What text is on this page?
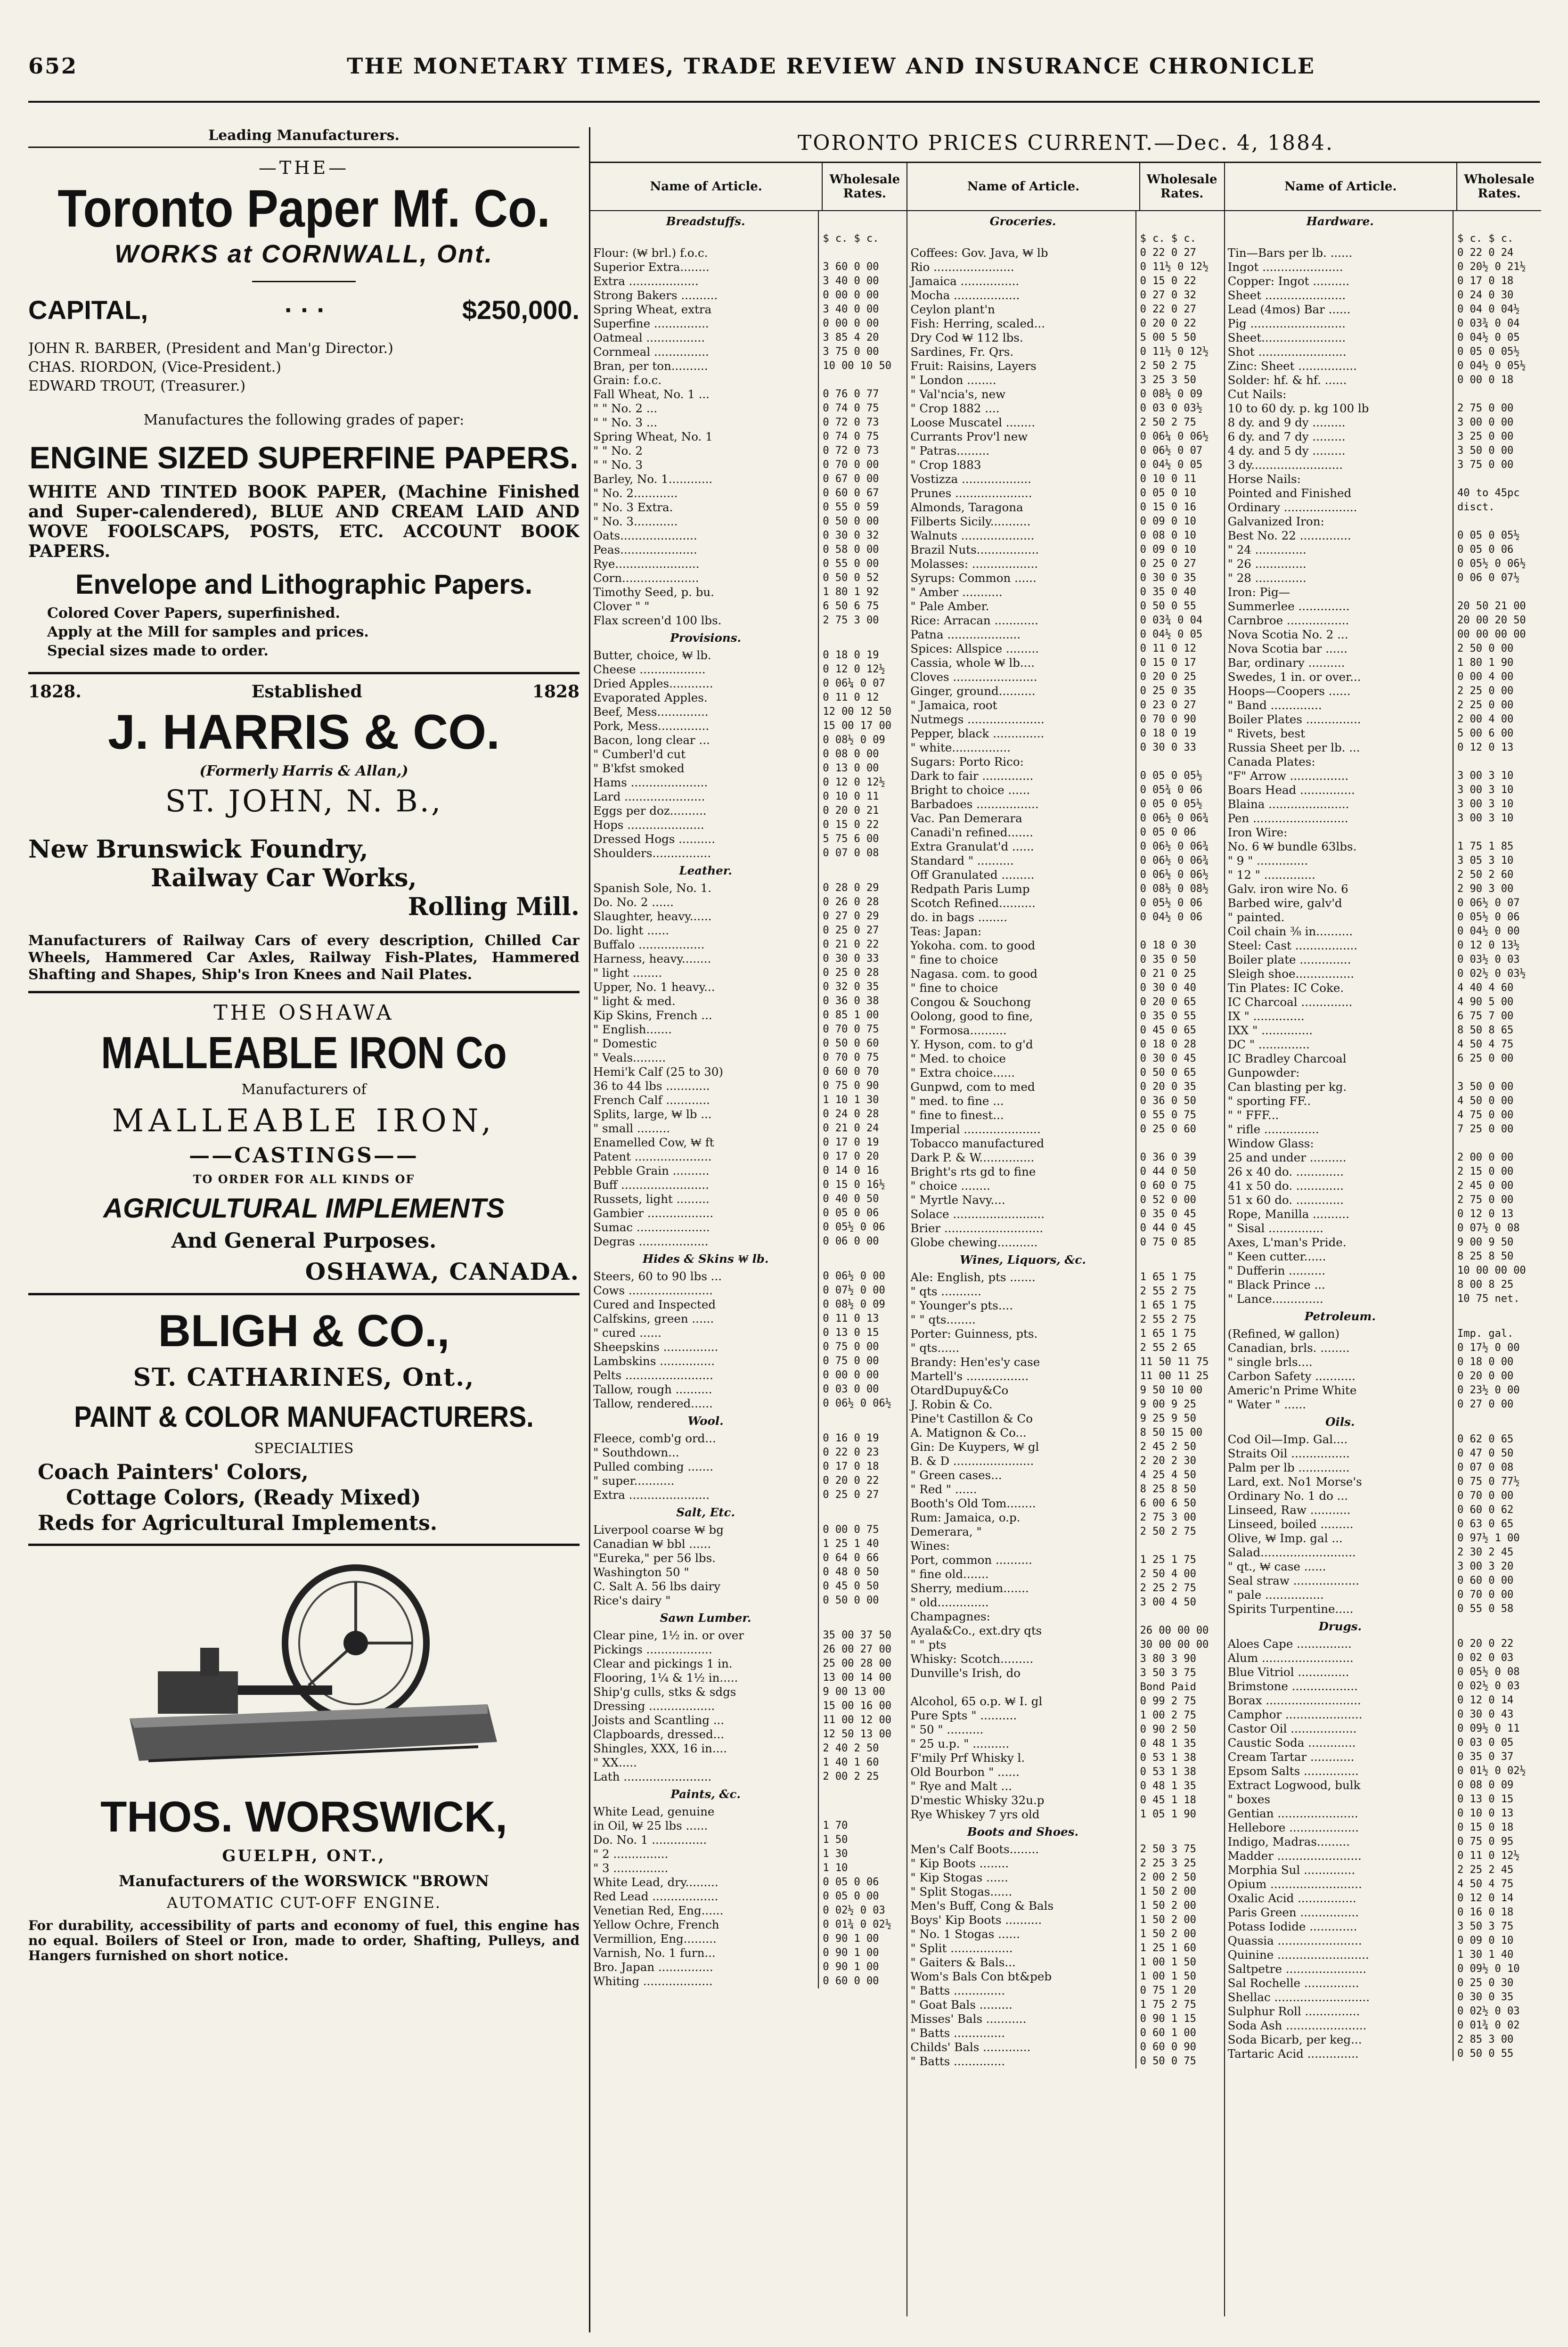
652	THE MONETARY TIMES, TRADE REVIEW AND INSURANCE CHRONICLE
Leading Manufacturers.
—THE—
Toronto Paper Mf. Co.
WORKS at CORNWALL, Ont.
CAPITAL,	· · ·	$250,000.
JOHN R. BARBER, (President and Man'g Director.)
CHAS. RIORDON, (Vice-President.)
EDWARD TROUT, (Treasurer.)
Manufactures the following grades of paper:
ENGINE SIZED SUPERFINE PAPERS.
WHITE AND TINTED BOOK PAPER, (Machine Finished and Super-calendered), BLUE AND CREAM LAID AND WOVE FOOLSCAPS, POSTS, ETC. ACCOUNT BOOK PAPERS.
Envelope and Lithographic Papers.
Colored Cover Papers, superfinished.
Apply at the Mill for samples and prices.
Special sizes made to order.
1828.	Established	1828
J. HARRIS & CO.
(Formerly Harris & Allan,)
ST. JOHN, N. B.,
New Brunswick Foundry,
Railway Car Works,
Rolling Mill.
Manufacturers of Railway Cars of every description, Chilled Car Wheels, Hammered Car Axles, Railway Fish-Plates, Hammered Shafting and Shapes, Ship's Iron Knees and Nail Plates.
THE OSHAWA
MALLEABLE IRON Co
Manufacturers of
MALLEABLE IRON,
——CASTINGS——
TO ORDER FOR ALL KINDS OF
AGRICULTURAL IMPLEMENTS
And General Purposes.
OSHAWA, CANADA.
BLIGH & CO.,
ST. CATHARINES, Ont.,
PAINT & COLOR MANUFACTURERS.
SPECIALTIES
Coach Painters' Colors,
Cottage Colors, (Ready Mixed)
Reds for Agricultural Implements.
THOS. WORSWICK,
GUELPH, ONT.,
Manufacturers of the WORSWICK "BROWN
AUTOMATIC CUT-OFF ENGINE.
For durability, accessibility of parts and economy of fuel, this engine has no equal. Boilers of Steel or Iron, made to order, Shafting, Pulleys, and Hangers furnished on short notice.
TORONTO PRICES CURRENT.—Dec. 4, 1884.
Name of Article.	Wholesale Rates.
Breadstuffs.
$ c. $ c.
Flour: (₩ brl.) f.o.c.
Superior Extra........	3 60 0 00
Extra ...................	3 40 0 00
Strong Bakers ..........	0 00 0 00
Spring Wheat, extra	3 40 0 00
Superfine ...............	0 00 0 00
Oatmeal ................	3 85 4 20
Cornmeal ...............	3 75 0 00
Bran, per ton..........	10 00 10 50
Grain: f.o.c.
Fall Wheat, No. 1 ...	0 76 0 77
" " No. 2 ...	0 74 0 75
" " No. 3 ...	0 72 0 73
Spring Wheat, No. 1	0 74 0 75
" " No. 2	0 72 0 73
" " No. 3	0 70 0 00
Barley, No. 1............	0 67 0 00
" No. 2............	0 60 0 67
" No. 3 Extra.	0 55 0 59
" No. 3............	0 50 0 00
Oats.....................	0 30 0 32
Peas.....................	0 58 0 00
Rye.......................	0 55 0 00
Corn.....................	0 50 0 52
Timothy Seed, p. bu.	1 80 1 92
Clover " "	6 50 6 75
Flax screen'd 100 lbs.	2 75 3 00
Provisions.
Butter, choice, ₩ lb.	0 18 0 19
Cheese ..................	0 12 0 12½
Dried Apples............	0 06¼ 0 07
Evaporated Apples.	0 11 0 12
Beef, Mess..............	12 00 12 50
Pork, Mess..............	15 00 17 00
Bacon, long clear ...	0 08½ 0 09
" Cumberl'd cut	0 08 0 00
" B'kfst smoked	0 13 0 00
Hams .....................	0 12 0 12½
Lard ......................	0 10 0 11
Eggs per doz..........	0 20 0 21
Hops .....................	0 15 0 22
Dressed Hogs ..........	5 75 6 00
Shoulders................	0 07 0 08
Leather.
Spanish Sole, No. 1.	0 28 0 29
Do. No. 2 ......	0 26 0 28
Slaughter, heavy......	0 27 0 29
Do. light ......	0 25 0 27
Buffalo ..................	0 21 0 22
Harness, heavy........	0 30 0 33
" light ........	0 25 0 28
Upper, No. 1 heavy...	0 32 0 35
" light & med.	0 36 0 38
Kip Skins, French ...	0 85 1 00
" English.......	0 70 0 75
" Domestic	0 50 0 60
" Veals.........	0 70 0 75
Hemi'k Calf (25 to 30)	0 60 0 70
36 to 44 lbs ............	0 75 0 90
French Calf ............	1 10 1 30
Splits, large, ₩ lb ...	0 24 0 28
" small .........	0 21 0 24
Enamelled Cow, ₩ ft	0 17 0 19
Patent .....................	0 17 0 20
Pebble Grain ..........	0 14 0 16
Buff ........................	0 15 0 16½
Russets, light .........	0 40 0 50
Gambier ..................	0 05 0 06
Sumac ....................	0 05½ 0 06
Degras ...................	0 06 0 00
Hides & Skins ₩ lb.
Steers, 60 to 90 lbs ...	0 06½ 0 00
Cows .......................	0 07½ 0 00
Cured and Inspected	0 08½ 0 09
Calfskins, green ......	0 11 0 13
" cured ......	0 13 0 15
Sheepskins ...............	0 75 0 00
Lambskins ...............	0 75 0 00
Pelts ........................	0 00 0 00
Tallow, rough ..........	0 03 0 00
Tallow, rendered......	0 06½ 0 06½
Wool.
Fleece, comb'g ord...	0 16 0 19
" Southdown...	0 22 0 23
Pulled combing .......	0 17 0 18
" super...........	0 20 0 22
Extra ......................	0 25 0 27
Salt, Etc.
Liverpool coarse ₩ bg	0 00 0 75
Canadian ₩ bbl ......	1 25 1 40
"Eureka," per 56 lbs.	0 64 0 66
Washington 50 "	0 48 0 50
C. Salt A. 56 lbs dairy	0 45 0 50
Rice's dairy "	0 50 0 00
Sawn Lumber.
Clear pine, 1½ in. or over	35 00 37 50
Pickings ..................	26 00 27 00
Clear and pickings 1 in.	25 00 28 00
Flooring, 1¼ & 1½ in.....	13 00 14 00
Ship'g culls, stks & sdgs	9 00 13 00
Dressing ..................	15 00 16 00
Joists and Scantling ...	11 00 12 00
Clapboards, dressed...	12 50 13 00
Shingles, XXX, 16 in....	2 40 2 50
" XX.....	1 40 1 60
Lath ........................	2 00 2 25
Paints, &c.
White Lead, genuine
in Oil, ₩ 25 lbs ......	1 70
Do. No. 1 ...............	1 50
" 2 ...............	1 30
" 3 ...............	1 10
White Lead, dry.........	0 05 0 06
Red Lead ..................	0 05 0 00
Venetian Red, Eng......	0 02½ 0 03
Yellow Ochre, French	0 01¾ 0 02½
Vermillion, Eng.........	0 90 1 00
Varnish, No. 1 furn...	0 90 1 00
Bro. Japan ...............	0 90 1 00
Whiting ...................	0 60 0 00
Name of Article.	Wholesale Rates.
Groceries.
$ c. $ c.
Coffees: Gov. Java, ₩ lb	0 22 0 27
Rio ......................	0 11½ 0 12½
Jamaica ................	0 15 0 22
Mocha ..................	0 27 0 32
Ceylon plant'n	0 22 0 27
Fish: Herring, scaled...	0 20 0 22
Dry Cod ₩ 112 lbs.	5 00 5 50
Sardines, Fr. Qrs.	0 11½ 0 12½
Fruit: Raisins, Layers	2 50 2 75
" London ........	3 25 3 50
" Val'ncia's, new	0 08½ 0 09
" Crop 1882 ....	0 03 0 03½
Loose Muscatel ........	2 50 2 75
Currants Prov'l new	0 06¼ 0 06½
" Patras.........	0 06½ 0 07
" Crop 1883	0 04½ 0 05
Vostizza ...................	0 10 0 11
Prunes .....................	0 05 0 10
Almonds, Taragona	0 15 0 16
Filberts Sicily...........	0 09 0 10
Walnuts ....................	0 08 0 10
Brazil Nuts.................	0 09 0 10
Molasses: ..................	0 25 0 27
Syrups: Common ......	0 30 0 35
" Amber ...........	0 35 0 40
" Pale Amber.	0 50 0 55
Rice: Arracan ............	0 03¾ 0 04
Patna ....................	0 04½ 0 05
Spices: Allspice .........	0 11 0 12
Cassia, whole ₩ lb....	0 15 0 17
Cloves .......................	0 20 0 25
Ginger, ground..........	0 25 0 35
" Jamaica, root	0 23 0 27
Nutmegs .....................	0 70 0 90
Pepper, black ..............	0 18 0 19
" white................	0 30 0 33
Sugars: Porto Rico:
Dark to fair ..............	0 05 0 05½
Bright to choice ......	0 05¾ 0 06
Barbadoes .................	0 05 0 05½
Vac. Pan Demerara	0 06½ 0 06¾
Canadi'n refined.......	0 05 0 06
Extra Granulat'd ......	0 06½ 0 06¾
Standard " ..........	0 06½ 0 06¾
Off Granulated .........	0 06½ 0 06½
Redpath Paris Lump	0 08½ 0 08½
Scotch Refined..........	0 05½ 0 06
do. in bags ........	0 04½ 0 06
Teas: Japan:
Yokoha. com. to good	0 18 0 30
" fine to choice	0 35 0 50
Nagasa. com. to good	0 21 0 25
" fine to choice	0 30 0 40
Congou & Souchong	0 20 0 65
Oolong, good to fine,	0 35 0 55
" Formosa..........	0 45 0 65
Y. Hyson, com. to g'd	0 18 0 28
" Med. to choice	0 30 0 45
" Extra choice......	0 50 0 65
Gunpwd, com to med	0 20 0 35
" med. to fine ...	0 36 0 50
" fine to finest...	0 55 0 75
Imperial .....................	0 25 0 60
Tobacco manufactured
Dark P. & W...............	0 36 0 39
Bright's rts gd to fine	0 44 0 50
" choice ........	0 60 0 75
" Myrtle Navy....	0 52 0 00
Solace .........................	0 35 0 45
Brier ...........................	0 44 0 45
Globe chewing...........	0 75 0 85
Wines, Liquors, &c.
Ale: English, pts .......	1 65 1 75
" qts ...........	2 55 2 75
" Younger's pts....	1 65 1 75
" " qts........	2 55 2 75
Porter: Guinness, pts.	1 65 1 75
" qts......	2 55 2 65
Brandy: Hen'es'y case	11 50 11 75
Martell's .................	11 00 11 25
OtardDupuy&Co	9 50 10 00
J. Robin & Co.	9 00 9 25
Pine't Castillon & Co	9 25 9 50
A. Matignon & Co...	8 50 15 00
Gin: De Kuypers, ₩ gl	2 45 2 50
B. & D ......................	2 20 2 30
" Green cases...	4 25 4 50
" Red " ......	8 25 8 50
Booth's Old Tom........	6 00 6 50
Rum: Jamaica, o.p.	2 75 3 00
Demerara, "	2 50 2 75
Wines:
Port, common ..........	1 25 1 75
" fine old.......	2 50 4 00
Sherry, medium.......	2 25 2 75
" old..............	3 00 4 50
Champagnes:
Ayala&Co., ext.dry qts	26 00 00 00
" " pts	30 00 00 00
Whisky: Scotch.........	3 80 3 90
Dunville's Irish, do	3 50 3 75
Bond Paid
Alcohol, 65 o.p. ₩ I. gl	0 99 2 75
Pure Spts " ..........	1 00 2 75
" 50 " ..........	0 90 2 50
" 25 u.p. " ..........	0 48 1 35
F'mily Prf Whisky l.	0 53 1 38
Old Bourbon " ......	0 53 1 38
" Rye and Malt ...	0 48 1 35
D'mestic Whisky 32u.p	0 45 1 18
Rye Whiskey 7 yrs old	1 05 1 90
Boots and Shoes.
Men's Calf Boots........	2 50 3 75
" Kip Boots ........	2 25 3 25
" Kip Stogas ......	2 00 2 50
" Split Stogas......	1 50 2 00
Men's Buff, Cong & Bals	1 50 2 00
Boys' Kip Boots ..........	1 50 2 00
" No. 1 Stogas ......	1 50 2 00
" Split .................	1 25 1 60
" Gaiters & Bals...	1 00 1 50
Wom's Bals Con bt&peb	1 00 1 50
" Batts ..............	0 75 1 20
" Goat Bals .........	1 75 2 75
Misses' Bals ...........	0 90 1 15
" Batts ..............	0 60 1 00
Childs' Bals .............	0 60 0 90
" Batts ..............	0 50 0 75
Name of Article.	Wholesale Rates.
Hardware.
$ c. $ c.
Tin—Bars per lb. ......	0 22 0 24
Ingot ......................	0 20½ 0 21½
Copper: Ingot ..........	0 17 0 18
Sheet ......................	0 24 0 30
Lead (4mos) Bar ......	0 04 0 04½
Pig ..........................	0 03¾ 0 04
Sheet.......................	0 04½ 0 05
Shot ........................	0 05 0 05½
Zinc: Sheet ................	0 04½ 0 05½
Solder: hf. & hf. ......	0 00 0 18
Cut Nails:
10 to 60 dy. p. kg 100 lb	2 75 0 00
8 dy. and 9 dy .........	3 00 0 00
6 dy. and 7 dy .........	3 25 0 00
4 dy. and 5 dy .........	3 50 0 00
3 dy.........................	3 75 0 00
Horse Nails:
Pointed and Finished	40 to 45pc
Ordinary ....................	disct.
Galvanized Iron:
Best No. 22 ..............	0 05 0 05½
" 24 ..............	0 05 0 06
" 26 ..............	0 05½ 0 06½
" 28 ..............	0 06 0 07½
Iron: Pig—
Summerlee ..............	20 50 21 00
Carnbroe .................	20 00 20 50
Nova Scotia No. 2 ...	00 00 00 00
Nova Scotia bar ......	2 50 0 00
Bar, ordinary ..........	1 80 1 90
Swedes, 1 in. or over...	0 00 4 00
Hoops—Coopers ......	2 25 0 00
" Band ..............	2 25 0 00
Boiler Plates ...............	2 00 4 00
" Rivets, best	5 00 6 00
Russia Sheet per lb. ...	0 12 0 13
Canada Plates:
"F" Arrow ................	3 00 3 10
Boars Head ...............	3 00 3 10
Blaina ......................	3 00 3 10
Pen ..........................	3 00 3 10
Iron Wire:
No. 6 ₩ bundle 63lbs.	1 75 1 85
" 9 " ..............	3 05 3 10
" 12 " ..............	2 50 2 60
Galv. iron wire No. 6	2 90 3 00
Barbed wire, galv'd	0 06½ 0 07
" painted.	0 05½ 0 06
Coil chain ⅜ in..........	0 04½ 0 00
Steel: Cast .................	0 12 0 13½
Boiler plate ..............	0 03½ 0 03
Sleigh shoe................	0 02½ 0 03½
Tin Plates: IC Coke.	4 40 4 60
IC Charcoal ..............	4 90 5 00
IX " ..............	6 75 7 00
IXX " ..............	8 50 8 65
DC " ..............	4 50 4 75
IC Bradley Charcoal	6 25 0 00
Gunpowder:
Can blasting per kg.	3 50 0 00
" sporting FF..	4 50 0 00
" " FFF...	4 75 0 00
" rifle ...............	7 25 0 00
Window Glass:
25 and under ..........	2 00 0 00
26 x 40 do. .............	2 15 0 00
41 x 50 do. .............	2 45 0 00
51 x 60 do. .............	2 75 0 00
Rope, Manilla ..........	0 12 0 13
" Sisal ...............	0 07½ 0 08
Axes, L'man's Pride.	9 00 9 50
" Keen cutter......	8 25 8 50
" Dufferin ..........	10 00 00 00
" Black Prince ...	8 00 8 25
" Lance..............	10 75 net.
Petroleum.
(Refined, ₩ gallon)	Imp. gal.
Canadian, brls. ........	0 17½ 0 00
" single brls....	0 18 0 00
Carbon Safety ...........	0 20 0 00
Americ'n Prime White	0 23½ 0 00
" Water " ......	0 27 0 00
Oils.
Cod Oil—Imp. Gal....	0 62 0 65
Straits Oil ................	0 47 0 50
Palm per lb ..............	0 07 0 08
Lard, ext. No1 Morse's	0 75 0 77½
Ordinary No. 1 do ...	0 70 0 00
Linseed, Raw ...........	0 60 0 62
Linseed, boiled .........	0 63 0 65
Olive, ₩ Imp. gal ...	0 97½ 1 00
Salad..........................	2 30 2 45
" qt., ₩ case ......	3 00 3 20
Seal straw ..................	0 60 0 00
" pale ................	0 70 0 00
Spirits Turpentine.....	0 55 0 58
Drugs.
Aloes Cape ...............	0 20 0 22
Alum .........................	0 02 0 03
Blue Vitriol ..............	0 05½ 0 08
Brimstone ..................	0 02½ 0 03
Borax ..........................	0 12 0 14
Camphor .....................	0 30 0 43
Castor Oil ..................	0 09½ 0 11
Caustic Soda .............	0 03 0 05
Cream Tartar ............	0 35 0 37
Epsom Salts ...............	0 01½ 0 02½
Extract Logwood, bulk	0 08 0 09
" boxes	0 13 0 15
Gentian ......................	0 10 0 13
Hellebore ...................	0 15 0 18
Indigo, Madras.........	0 75 0 95
Madder .......................	0 11 0 12½
Morphia Sul ..............	2 25 2 45
Opium .........................	4 50 4 75
Oxalic Acid ................	0 12 0 14
Paris Green ................	0 16 0 18
Potass Iodide .............	3 50 3 75
Quassia .......................	0 09 0 10
Quinine .........................	1 30 1 40
Saltpetre ......................	0 09½ 0 10
Sal Rochelle ...............	0 25 0 30
Shellac ..........................	0 30 0 35
Sulphur Roll ...............	0 02½ 0 03
Soda Ash ......................	0 01¾ 0 02
Soda Bicarb, per keg...	2 85 3 00
Tartaric Acid ..............	0 50 0 55
